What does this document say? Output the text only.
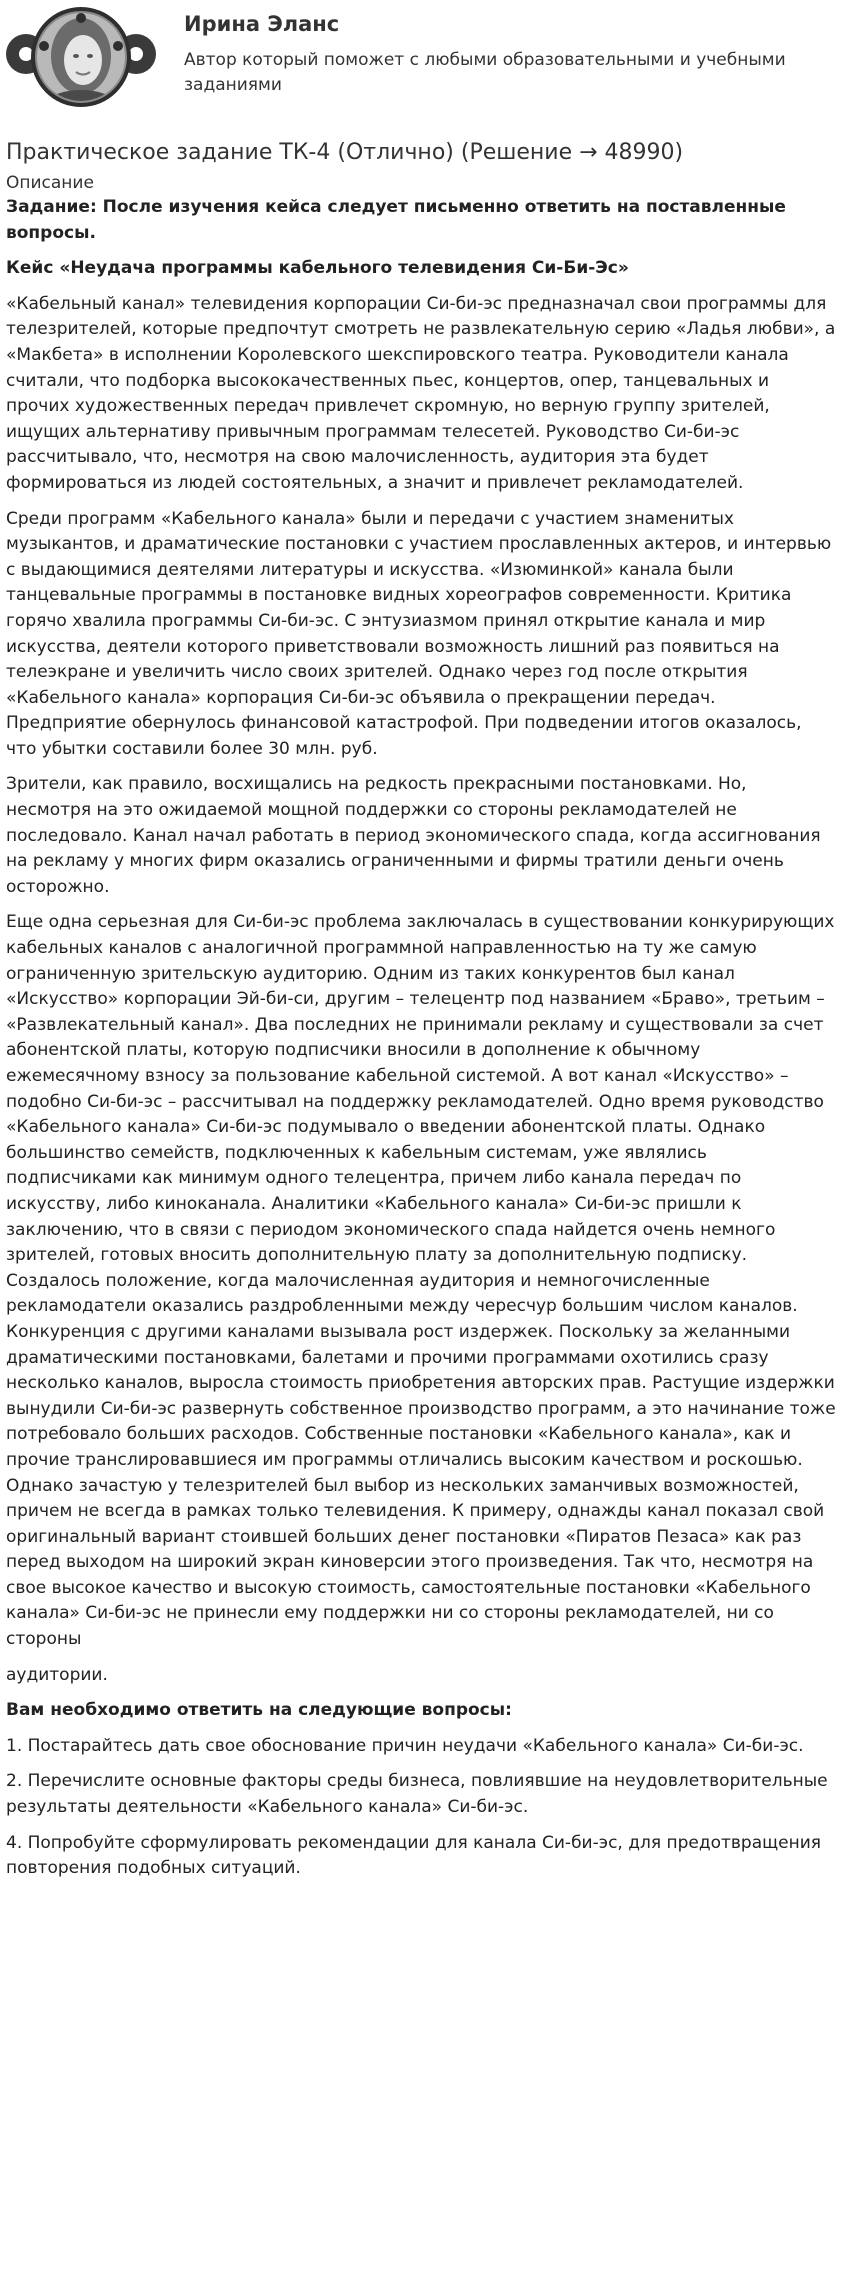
Ирина Эланс
Автор который поможет с любыми образовательными и учебными заданиями
Практическое задание ТК-4 (Отлично) (Решение → 48990)
Описание

Задание: После изучения кейса следует письменно ответить на поставленные вопросы.

Кейс «Неудача программы кабельного телевидения Си-Би-Эс»

«Кабельный канал» телевидения корпорации Си-би-эс предназначал свои программы для телезрителей, которые предпочтут смотреть не развлекательную серию «Ладья любви», а «Макбета» в исполнении Королевского шекспировского театра. Руководители канала считали, что подборка высококачественных пьес, концертов, опер, танцевальных и прочих художественных передач привлечет скромную, но верную группу зрителей, ищущих альтернативу привычным программам телесетей. Руководство Си-би-эс рассчитывало, что, несмотря на свою малочисленность, аудитория эта будет формироваться из людей состоятельных, а значит и привлечет рекламодателей.

Среди программ «Кабельного канала» были и передачи с участием знаменитых музыкантов, и драматические постановки с участием прославленных актеров, и интервью с выдающимися деятелями литературы и искусства. «Изюминкой» канала были танцевальные программы в постановке видных хореографов современности. Критика горячо хвалила программы Си-би-эс. С энтузиазмом принял открытие канала и мир искусства, деятели которого приветствовали возможность лишний раз появиться на телеэкране и увеличить число своих зрителей. Однако через год после открытия «Кабельного канала» корпорация Си-би-эс объявила о прекращении передач. Предприятие обернулось финансовой катастрофой. При подведении итогов оказалось, что убытки составили более 30 млн. руб.

Зрители, как правило, восхищались на редкость прекрасными постановками. Но, несмотря на это ожидаемой мощной поддержки со стороны рекламодателей не последовало. Канал начал работать в период экономического спада, когда ассигнования на рекламу у многих фирм оказались ограниченными и фирмы тратили деньги очень осторожно.

Еще одна серьезная для Си-би-эс проблема заключалась в существовании конкурирующих кабельных каналов с аналогичной программной направленностью на ту же самую ограниченную зрительскую аудиторию. Одним из таких конкурентов был канал «Искусство» корпорации Эй-би-си, другим – телецентр под названием «Браво», третьим – «Развлекательный канал». Два последних не принимали рекламу и существовали за счет абонентской платы, которую подписчики вносили в дополнение к обычному ежемесячному взносу за пользование кабельной системой. А вот канал «Искусство» – подобно Си-би-эс – рассчитывал на поддержку рекламодателей. Одно время руководство «Кабельного канала» Си-би-эс подумывало о введении абонентской платы. Однако большинство семейств, подключенных к кабельным системам, уже являлись подписчиками как минимум одного телецентра, причем либо канала передач по искусству, либо киноканала. Аналитики «Кабельного канала» Си-би-эс пришли к заключению, что в связи с периодом экономического спада найдется очень немного зрителей, готовых вносить дополнительную плату за дополнительную подписку. Создалось положение, когда малочисленная аудитория и немногочисленные рекламодатели оказались раздробленными между чересчур большим числом каналов. Конкуренция с другими каналами вызывала рост издержек. Поскольку за желанными драматическими постановками, балетами и прочими программами охотились сразу несколько каналов, выросла стоимость приобретения авторских прав. Растущие издержки вынудили Си-би-эс развернуть собственное производство программ, а это начинание тоже потребовало больших расходов. Собственные постановки «Кабельного канала», как и прочие транслировавшиеся им программы отличались высоким качеством и роскошью. Однако зачастую у телезрителей был выбор из нескольких заманчивых возможностей, причем не всегда в рамках только телевидения. К примеру, однажды канал показал свой оригинальный вариант стоившей больших денег постановки «Пиратов Пезаса» как раз перед выходом на широкий экран киноверсии этого произведения. Так что, несмотря на свое высокое качество и высокую стоимость, самостоятельные постановки «Кабельного канала» Си-би-эс не принесли ему поддержки ни со стороны рекламодателей, ни со стороны

аудитории.

Вам необходимо ответить на следующие вопросы:

1. Постарайтесь дать свое обоснование причин неудачи «Кабельного канала» Си-би-эс.

2. Перечислите основные факторы среды бизнеса, повлиявшие на неудовлетворительные результаты деятельности «Кабельного канала» Си-би-эс.

4. Попробуйте сформулировать рекомендации для канала Си-би-эс, для предотвращения повторения подобных ситуаций.
